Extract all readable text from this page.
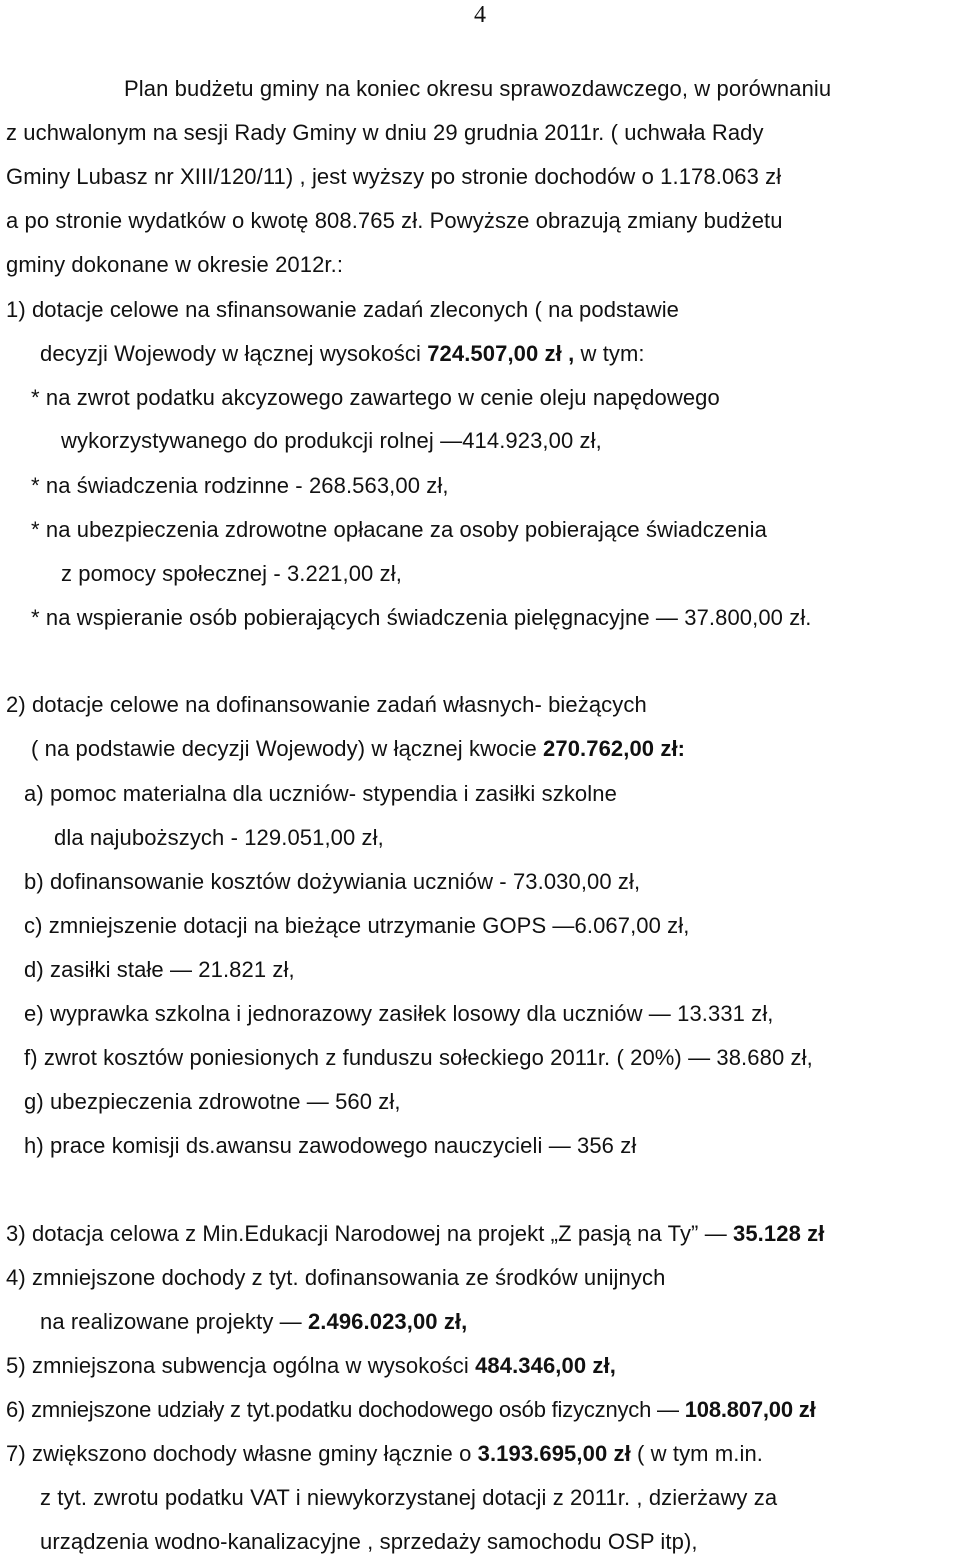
4
Plan budżetu gminy na koniec okresu sprawozdawczego, w porównaniu
z uchwalonym na sesji Rady Gminy w dniu 29 grudnia 2011r. ( uchwała Rady
Gminy Lubasz nr XIII/120/11) , jest wyższy po stronie dochodów o 1.178.063 zł
a po stronie wydatków o kwotę 808.765 zł. Powyższe obrazują zmiany budżetu
gminy dokonane w okresie 2012r.:
1) dotacje celowe na sfinansowanie zadań zleconych ( na podstawie
decyzji Wojewody w łącznej wysokości 724.507,00 zł , w tym:
* na zwrot podatku akcyzowego zawartego w cenie oleju napędowego
wykorzystywanego do produkcji rolnej —414.923,00 zł,
* na świadczenia rodzinne - 268.563,00 zł,
* na ubezpieczenia zdrowotne opłacane za osoby pobierające świadczenia
z pomocy społecznej - 3.221,00 zł,
* na wspieranie osób pobierających świadczenia pielęgnacyjne — 37.800,00 zł.
2) dotacje celowe na dofinansowanie zadań własnych- bieżących
( na podstawie decyzji Wojewody) w łącznej kwocie 270.762,00 zł:
a) pomoc materialna dla uczniów- stypendia i zasiłki szkolne
dla najuboższych - 129.051,00 zł,
b) dofinansowanie kosztów dożywiania uczniów - 73.030,00 zł,
c) zmniejszenie dotacji na bieżące utrzymanie GOPS —6.067,00 zł,
d) zasiłki stałe — 21.821 zł,
e) wyprawka szkolna i jednorazowy zasiłek losowy dla uczniów — 13.331 zł,
f) zwrot kosztów poniesionych z funduszu sołeckiego 2011r. ( 20%) — 38.680 zł,
g) ubezpieczenia zdrowotne — 560 zł,
h) prace komisji ds.awansu zawodowego nauczycieli — 356 zł
3) dotacja celowa z Min.Edukacji Narodowej na projekt „Z pasją na Ty” — 35.128 zł
4) zmniejszone dochody z tyt. dofinansowania ze środków unijnych
na realizowane projekty — 2.496.023,00 zł,
5) zmniejszona subwencja ogólna w wysokości 484.346,00 zł,
6) zmniejszone udziały z tyt.podatku dochodowego osób fizycznych — 108.807,00 zł
7) zwiększono dochody własne gminy łącznie o 3.193.695,00 zł ( w tym m.in.
z tyt. zwrotu podatku VAT i niewykorzystanej dotacji z 2011r. , dzierżawy za
urządzenia wodno-kanalizacyjne , sprzedaży samochodu OSP itp),
